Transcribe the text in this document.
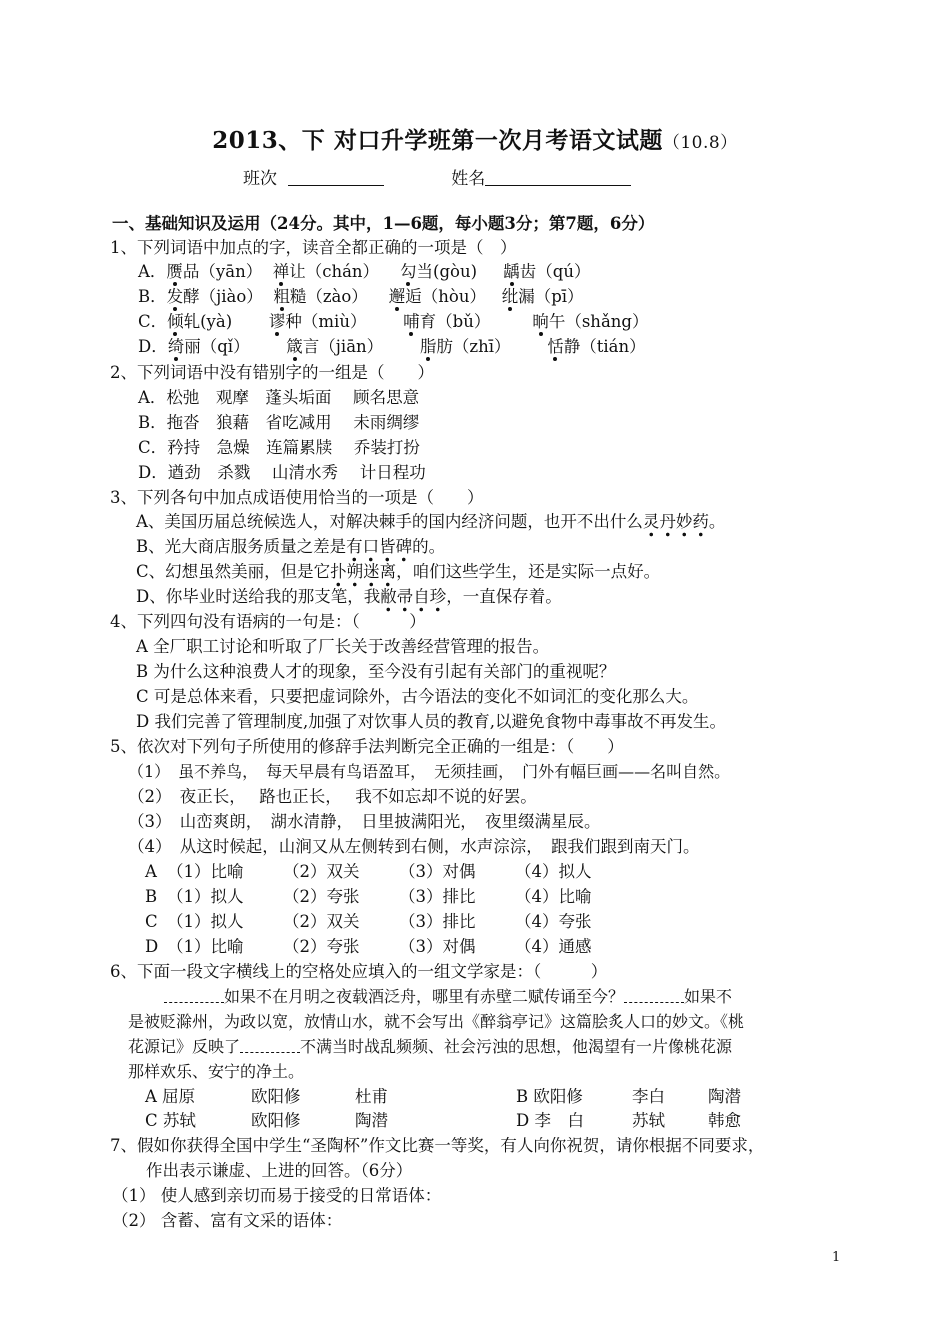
2013、下 对口升学班第一次月考语文试题（10.8）
班次	姓名
一、基础知识及运用（24分。其中，1—6题，每小题3分；第7题，6分）
1、下列词语中加点的字，读音全都正确的一项是（　）
A．赝品（yān） 禅让（chán） 勾当(gòu) 龋齿（qú）
B．发酵（jiào） 粗糙（zào） 邂逅（hòu） 纰漏（pī）
C．倾轧(yà) 谬种（miù） 哺育（bǔ）	晌午（shǎng）
D．绮丽（qǐ） 箴言（jiān） 脂肪（zhī） 恬静（tián）
2、下列词语中没有错别字的一组是（　　）
A．松弛　观摩　蓬头垢面　 顾名思意
B．拖沓　狼藉　省吃减用　 未雨绸缪
C．矜持　急燥　连篇累牍　 乔装打扮
D．遒劲　杀戮　 山清水秀　 计日程功
3、下列各句中加点成语使用恰当的一项是（　　）
A、美国历届总统候选人，对解决棘手的国内经济问题，也开不出什么灵丹妙药。
B、光大商店服务质量之差是有口皆碑的。
C、幻想虽然美丽，但是它扑朔迷离，咱们这些学生，还是实际一点好。
D、你毕业时送给我的那支笔，我敝帚自珍，一直保存着。
4、下列四句没有语病的一句是：（　　　）
A 全厂职工讨论和听取了厂长关于改善经营管理的报告。
B 为什么这种浪费人才的现象，至今没有引起有关部门的重视呢？
C 可是总体来看，只要把虚词除外，古今语法的变化不如词汇的变化那么大。
D 我们完善了管理制度,加强了对饮事人员的教育,以避免食物中毒事故不再发生。
5、依次对下列句子所使用的修辞手法判断完全正确的一组是：（　　）
（1）　虽不养鸟，　每天早晨有鸟语盈耳，　无须挂画，　门外有幅巨画——名叫自然。
（2）　夜正长，　 路也正长，　 我不如忘却不说的好罢。
（3）　山峦爽朗，　湖水清静，　日里披满阳光，　夜里缀满星辰。
（4）　从这时候起，山涧又从左侧转到右侧，水声淙淙，　跟我们跟到南天门。
A （1）比喻 （2）双关 （3）对偶 （4）拟人
B （1）拟人 （2）夸张 （3）排比 （4）比喻
C （1）拟人 （2）双关 （3）排比 （4）夸张
D （1）比喻 （2）夸张 （3）对偶 （4）通感
6、下面一段文字横线上的空格处应填入的一组文学家是：（　　　）
如果不在月明之夜载酒泛舟，哪里有赤壁二赋传诵至今？	如果不
是被贬滁州，为政以宽，放情山水，就不会写出《醉翁亭记》这篇脍炙人口的妙文。《桃
花源记》反映了	不满当时战乱频频、社会污浊的思想，他渴望有一片像桃花源
那样欢乐、安宁的净土。
A 屈原	欧阳修	杜甫	B 欧阳修	李白	陶潜
C 苏轼	欧阳修	陶潜	D 李　白	苏轼	韩愈
7、假如你获得全国中学生“圣陶杯”作文比赛一等奖，有人向你祝贺，请你根据不同要求，
作出表示谦虚、上进的回答。（6分）
（1） 使人感到亲切而易于接受的日常语体：
（2） 含蓄、富有文采的语体：
1
